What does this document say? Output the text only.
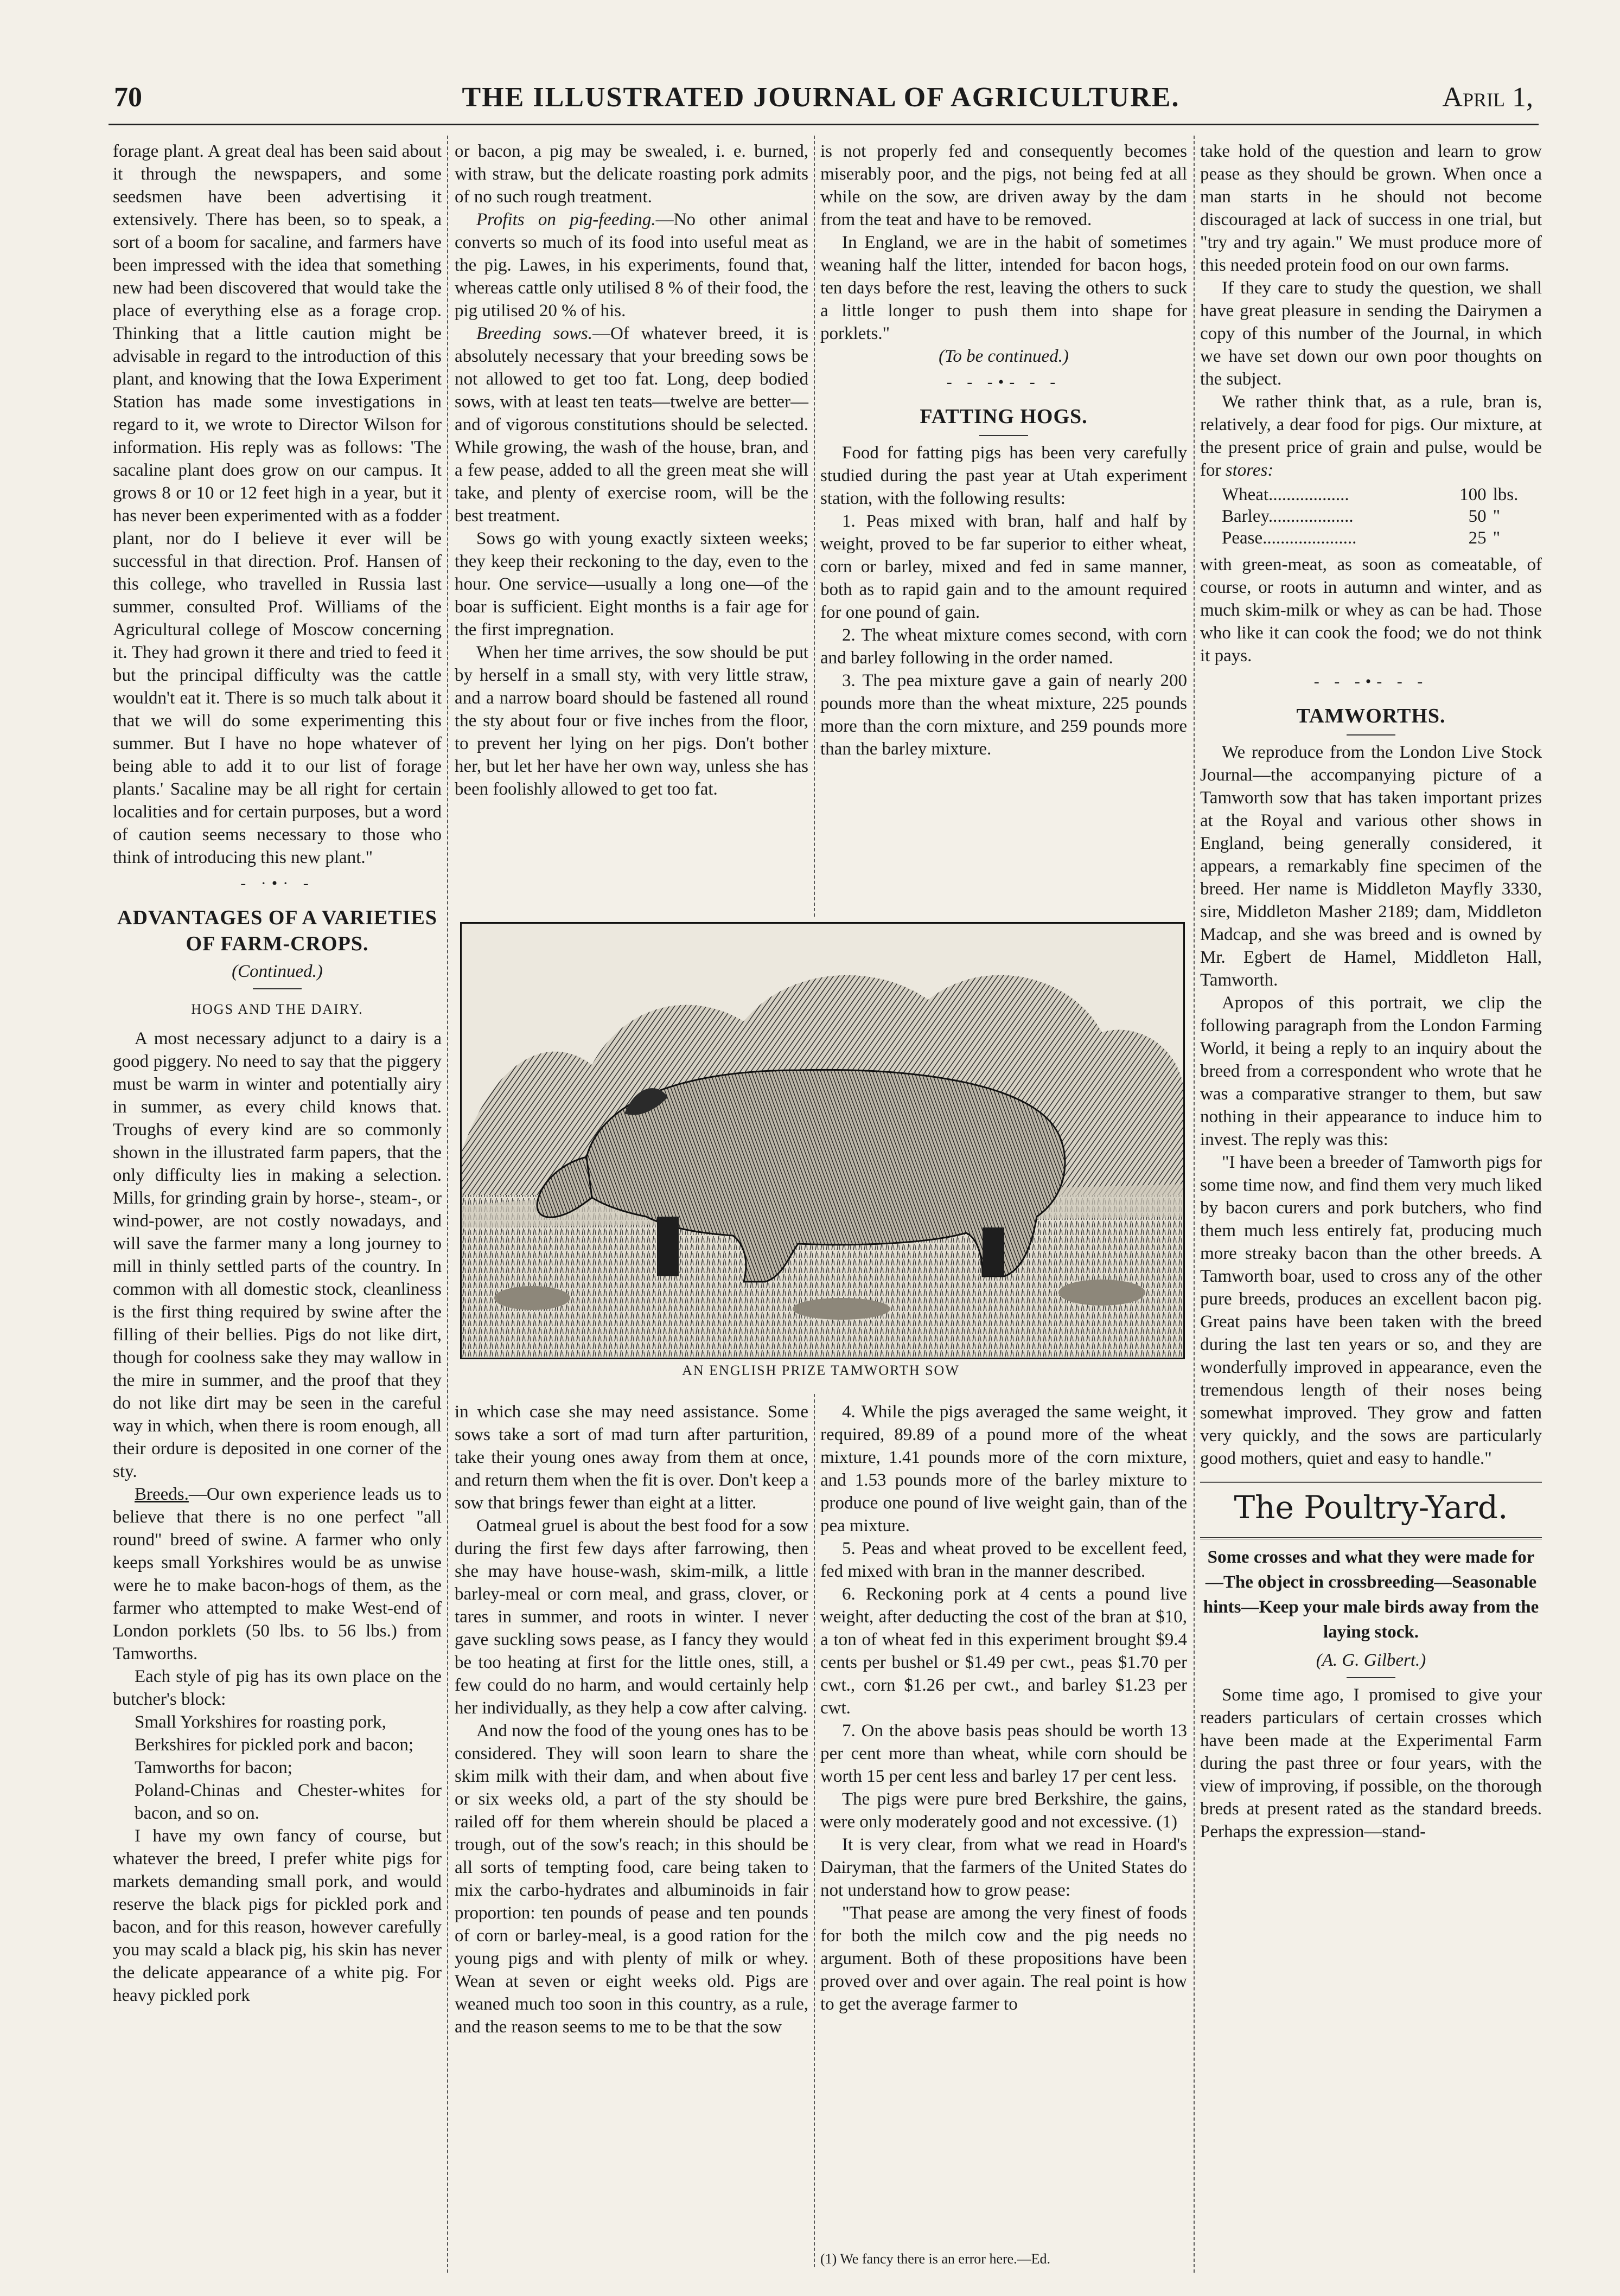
70	THE ILLUSTRATED JOURNAL OF AGRICULTURE.	April 1,

forage plant. A great deal has been said about it through the newspapers, and some seedsmen have been advertising it extensively. There has been, so to speak, a sort of a boom for sacaline, and farmers have been impressed with the idea that something new had been discovered that would take the place of everything else as a forage crop. Thinking that a little caution might be advisable in regard to the introduction of this plant, and knowing that the Iowa Experiment Station has made some investigations in regard to it, we wrote to Director Wilson for information. His reply was as follows: 'The sacaline plant does grow on our campus. It grows 8 or 10 or 12 feet high in a year, but it has never been experimented with as a fodder plant, nor do I believe it ever will be successful in that direction. Prof. Hansen of this college, who travelled in Russia last summer, consulted Prof. Williams of the Agricultural college of Moscow concerning it. They had grown it there and tried to feed it but the principal difficulty was the cattle wouldn't eat it. There is so much talk about it that we will do some experimenting this summer. But I have no hope whatever of being able to add it to our list of forage plants.' Sacaline may be all right for certain localities and for certain purposes, but a word of caution seems necessary to those who think of introducing this new plant."

- ·•· -
ADVANTAGES OF A VARIETIES OF FARM-CROPS.
(Continued.)
HOGS AND THE DAIRY.

A most necessary adjunct to a dairy is a good piggery. No need to say that the piggery must be warm in winter and potentially airy in summer, as every child knows that. Troughs of every kind are so commonly shown in the illustrated farm papers, that the only difficulty lies in making a selection. Mills, for grinding grain by horse-, steam-, or wind-power, are not costly nowadays, and will save the farmer many a long journey to mill in thinly settled parts of the country. In common with all domestic stock, cleanliness is the first thing required by swine after the filling of their bellies. Pigs do not like dirt, though for coolness sake they may wallow in the mire in summer, and the proof that they do not like dirt may be seen in the careful way in which, when there is room enough, all their ordure is deposited in one corner of the sty.

Breeds.—Our own experience leads us to believe that there is no one perfect "all round" breed of swine. A farmer who only keeps small Yorkshires would be as unwise were he to make bacon-hogs of them, as the farmer who attempted to make West-end of London porklets (50 lbs. to 56 lbs.) from Tamworths.

Each style of pig has its own place on the butcher's block:

Small Yorkshires for roasting pork,

Berkshires for pickled pork and bacon;

Tamworths for bacon;

Poland-Chinas and Chester-whites for bacon, and so on.

I have my own fancy of course, but whatever the breed, I prefer white pigs for markets demanding small pork, and would reserve the black pigs for pickled pork and bacon, and for this reason, however carefully you may scald a black pig, his skin has never the delicate appearance of a white pig. For heavy pickled pork

or bacon, a pig may be swealed, i. e. burned, with straw, but the delicate roasting pork admits of no such rough treatment.

Profits on pig-feeding.—No other animal converts so much of its food into useful meat as the pig. Lawes, in his experiments, found that, whereas cattle only utilised 8 % of their food, the pig utilised 20 % of his.

Breeding sows.—Of whatever breed, it is absolutely necessary that your breeding sows be not allowed to get too fat. Long, deep bodied sows, with at least ten teats—twelve are better—and of vigorous constitutions should be selected. While growing, the wash of the house, bran, and a few pease, added to all the green meat she will take, and plenty of exercise room, will be the best treatment.

Sows go with young exactly sixteen weeks; they keep their reckoning to the day, even to the hour. One service—usually a long one—of the boar is sufficient. Eight months is a fair age for the first impregnation.

When her time arrives, the sow should be put by herself in a small sty, with very little straw, and a narrow board should be fastened all round the sty about four or five inches from the floor, to prevent her lying on her pigs. Don't bother her, but let her have her own way, unless she has been foolishly allowed to get too fat.

is not properly fed and consequently becomes miserably poor, and the pigs, not being fed at all while on the sow, are driven away by the dam from the teat and have to be removed.

In England, we are in the habit of sometimes weaning half the litter, intended for bacon hogs, ten days before the rest, leaving the others to suck a little longer to push them into shape for porklets."

(To be continued.)
- - -•- - -
FATTING HOGS.

Food for fatting pigs has been very carefully studied during the past year at Utah experiment station, with the following results:

1. Peas mixed with bran, half and half by weight, proved to be far superior to either wheat, corn or barley, mixed and fed in same manner, both as to rapid gain and to the amount required for one pound of gain.

2. The wheat mixture comes second, with corn and barley following in the order named.

3. The pea mixture gave a gain of nearly 200 pounds more than the wheat mixture, 225 pounds more than the corn mixture, and 259 pounds more than the barley mixture.

AN ENGLISH PRIZE TAMWORTH SOW

in which case she may need assistance. Some sows take a sort of mad turn after parturition, take their young ones away from them at once, and return them when the fit is over. Don't keep a sow that brings fewer than eight at a litter.

Oatmeal gruel is about the best food for a sow during the first few days after farrowing, then she may have house-wash, skim-milk, a little barley-meal or corn meal, and grass, clover, or tares in summer, and roots in winter. I never gave suckling sows pease, as I fancy they would be too heating at first for the little ones, still, a few could do no harm, and would certainly help her individually, as they help a cow after calving.

And now the food of the young ones has to be considered. They will soon learn to share the skim milk with their dam, and when about five or six weeks old, a part of the sty should be railed off for them wherein should be placed a trough, out of the sow's reach; in this should be all sorts of tempting food, care being taken to mix the carbo-hydrates and albuminoids in fair proportion: ten pounds of pease and ten pounds of corn or barley-meal, is a good ration for the young pigs and with plenty of milk or whey. Wean at seven or eight weeks old. Pigs are weaned much too soon in this country, as a rule, and the reason seems to me to be that the sow

4. While the pigs averaged the same weight, it required, 89.89 of a pound more of the wheat mixture, 1.41 pounds more of the corn mixture, and 1.53 pounds more of the barley mixture to produce one pound of live weight gain, than of the pea mixture.

5. Peas and wheat proved to be excellent feed, fed mixed with bran in the manner described.

6. Reckoning pork at 4 cents a pound live weight, after deducting the cost of the bran at $10, a ton of wheat fed in this experiment brought $9.4 cents per bushel or $1.49 per cwt., peas $1.70 per cwt., corn $1.26 per cwt., and barley $1.23 per cwt.

7. On the above basis peas should be worth 13 per cent more than wheat, while corn should be worth 15 per cent less and barley 17 per cent less.

The pigs were pure bred Berkshire, the gains, were only moderately good and not excessive. (1)

It is very clear, from what we read in Hoard's Dairyman, that the farmers of the United States do not understand how to grow pease:

"That pease are among the very finest of foods for both the milch cow and the pig needs no argument. Both of these propositions have been proved over and over again. The real point is how to get the average farmer to

(1) We fancy there is an error here.—Ed.

take hold of the question and learn to grow pease as they should be grown. When once a man starts in he should not become discouraged at lack of success in one trial, but "try and try again." We must produce more of this needed protein food on our own farms.

If they care to study the question, we shall have great pleasure in sending the Dairymen a copy of this number of the Journal, in which we have set down our own poor thoughts on the subject.

We rather think that, as a rule, bran is, relatively, a dear food for pigs. Our mixture, at the present price of grain and pulse, would be for stores:

Wheat..................	100	lbs.
Barley...................	50	"
Pease.....................	25	"

with green-meat, as soon as comeatable, of course, or roots in autumn and winter, and as much skim-milk or whey as can be had. Those who like it can cook the food; we do not think it pays.

- - -•- - -
TAMWORTHS.

We reproduce from the London Live Stock Journal—the accompanying picture of a Tamworth sow that has taken important prizes at the Royal and various other shows in England, being generally considered, it appears, a remarkably fine specimen of the breed. Her name is Middleton Mayfly 3330, sire, Middleton Masher 2189; dam, Middleton Madcap, and she was breed and is owned by Mr. Egbert de Hamel, Middleton Hall, Tamworth.

Apropos of this portrait, we clip the following paragraph from the London Farming World, it being a reply to an inquiry about the breed from a correspondent who wrote that he was a comparative stranger to them, but saw nothing in their appearance to induce him to invest. The reply was this:

"I have been a breeder of Tamworth pigs for some time now, and find them very much liked by bacon curers and pork butchers, who find them much less entirely fat, producing much more streaky bacon than the other breeds. A Tamworth boar, used to cross any of the other pure breeds, produces an excellent bacon pig. Great pains have been taken with the breed during the last ten years or so, and they are wonderfully improved in appearance, even the tremendous length of their noses being somewhat improved. They grow and fatten very quickly, and the sows are particularly good mothers, quiet and easy to handle."

The Poultry-Yard.
Some crosses and what they were made for—The object in crossbreeding—Seasonable hints—Keep your male birds away from the laying stock.
(A. G. Gilbert.)

Some time ago, I promised to give your readers particulars of certain crosses which have been made at the Experimental Farm during the past three or four years, with the view of improving, if possible, on the thorough breds at present rated as the standard breeds. Perhaps the expression—stand-
